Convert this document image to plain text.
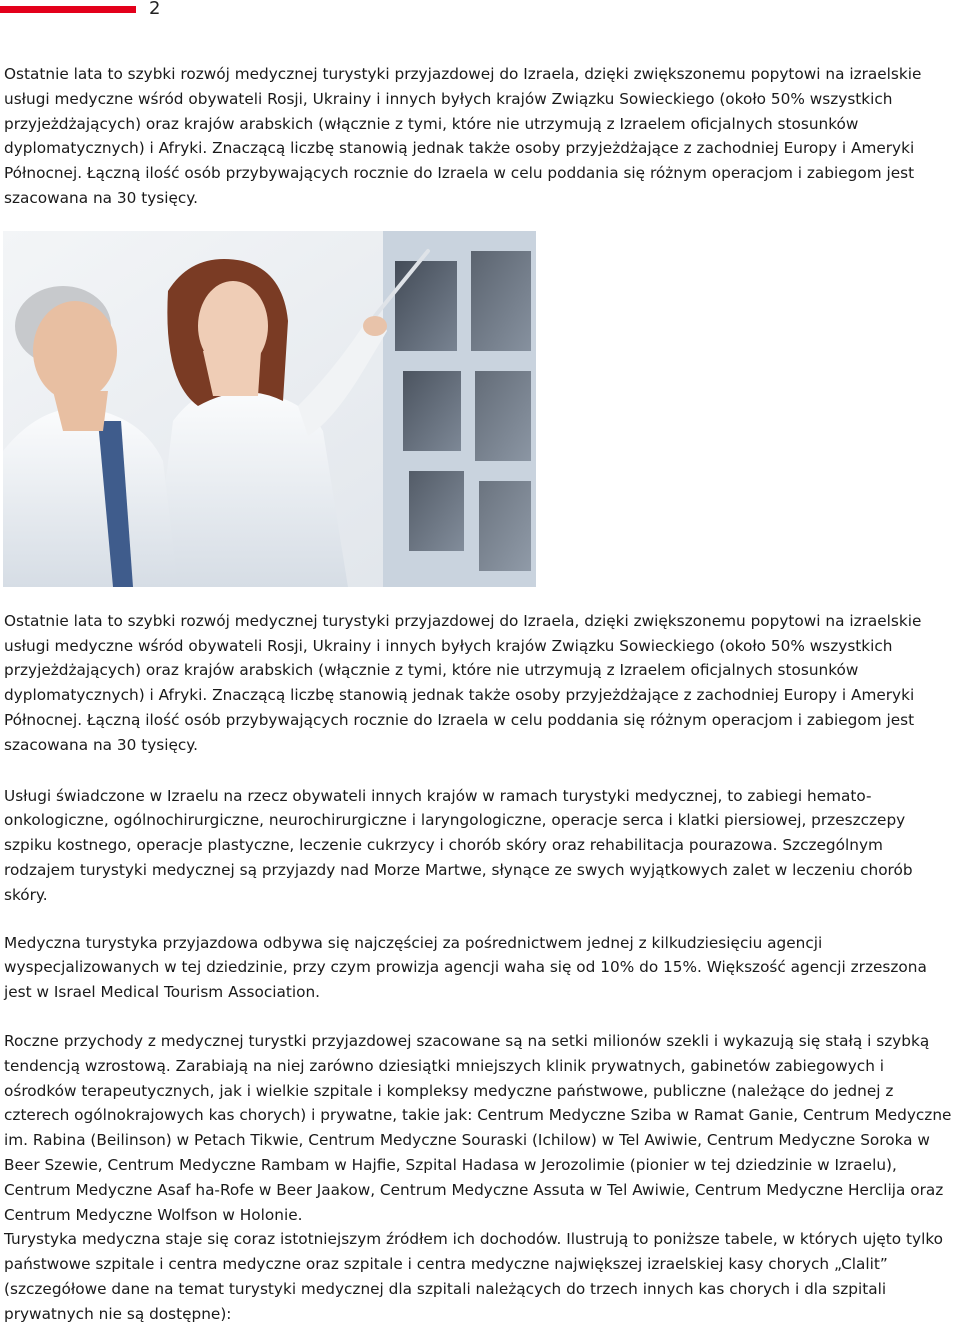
2

Ostatnie lata to szybki rozwój medycznej turystyki przyjazdowej do Izraela, dzięki zwiększonemu popytowi na izraelskie usługi medyczne wśród obywateli Rosji, Ukrainy i innych byłych krajów Związku Sowieckiego (około 50% wszystkich przyjeżdżających) oraz krajów arabskich (włącznie z tymi, które nie utrzymują z Izraelem oficjalnych stosunków dyplomatycznych) i Afryki. Znaczącą liczbę stanowią jednak także osoby przyjeżdżające z zachodniej Europy i Ameryki Północnej. Łączną ilość osób przybywających rocznie do Izraela w celu poddania się różnym operacjom i zabiegom jest szacowana na 30 tysięcy.

Ostatnie lata to szybki rozwój medycznej turystyki przyjazdowej do Izraela, dzięki zwiększonemu popytowi na izraelskie usługi medyczne wśród obywateli Rosji, Ukrainy i innych byłych krajów Związku Sowieckiego (około 50% wszystkich przyjeżdżających) oraz krajów arabskich (włącznie z tymi, które nie utrzymują z Izraelem oficjalnych stosunków dyplomatycznych) i Afryki. Znaczącą liczbę stanowią jednak także osoby przyjeżdżające z zachodniej Europy i Ameryki Północnej. Łączną ilość osób przybywających rocznie do Izraela w celu poddania się różnym operacjom i zabiegom jest szacowana na 30 tysięcy.

Usługi świadczone w Izraelu na rzecz obywateli innych krajów w ramach turystyki medycznej, to zabiegi hemato-onkologiczne, ogólnochirurgiczne, neurochirurgiczne i laryngologiczne, operacje serca i klatki piersiowej, przeszczepy szpiku kostnego, operacje plastyczne, leczenie cukrzycy i chorób skóry oraz rehabilitacja pourazowa. Szczególnym rodzajem turystyki medycznej są przyjazdy nad Morze Martwe, słynące ze swych wyjątkowych zalet w leczeniu chorób skóry.

Medyczna turystyka przyjazdowa odbywa się najczęściej za pośrednictwem jednej z kilkudziesięciu agencji wyspecjalizowanych w tej dziedzinie, przy czym prowizja agencji waha się od 10% do 15%. Większość agencji zrzeszona jest w Israel Medical Tourism Association.

Roczne przychody z medycznej turystki przyjazdowej szacowane są na setki milionów szekli i wykazują się stałą i szybką tendencją wzrostową. Zarabiają na niej zarówno dziesiątki mniejszych klinik prywatnych, gabinetów zabiegowych i ośrodków terapeutycznych, jak i wielkie szpitale i kompleksy medyczne państwowe, publiczne (należące do jednej z czterech ogólnokrajowych kas chorych) i prywatne, takie jak: Centrum Medyczne Sziba w Ramat Ganie, Centrum Medyczne im. Rabina (Beilinson) w Petach Tikwie, Centrum Medyczne Souraski (Ichilow) w Tel Awiwie, Centrum Medyczne Soroka w Beer Szewie, Centrum Medyczne Rambam w Hajfie, Szpital Hadasa w Jerozolimie (pionier w tej dziedzinie w Izraelu), Centrum Medyczne Asaf ha-Rofe w Beer Jaakow, Centrum Medyczne Assuta w Tel Awiwie, Centrum Medyczne Herclija oraz Centrum Medyczne Wolfson w Holonie.

Turystyka medyczna staje się coraz istotniejszym źródłem ich dochodów. Ilustrują to poniższe tabele, w których ujęto tylko państwowe szpitale i centra medyczne oraz szpitale i centra medyczne największej izraelskiej kasy chorych „Clalit” (szczegółowe dane na temat turystyki medycznej dla szpitali należących do trzech innych kas chorych i dla szpitali prywatnych nie są dostępne):
